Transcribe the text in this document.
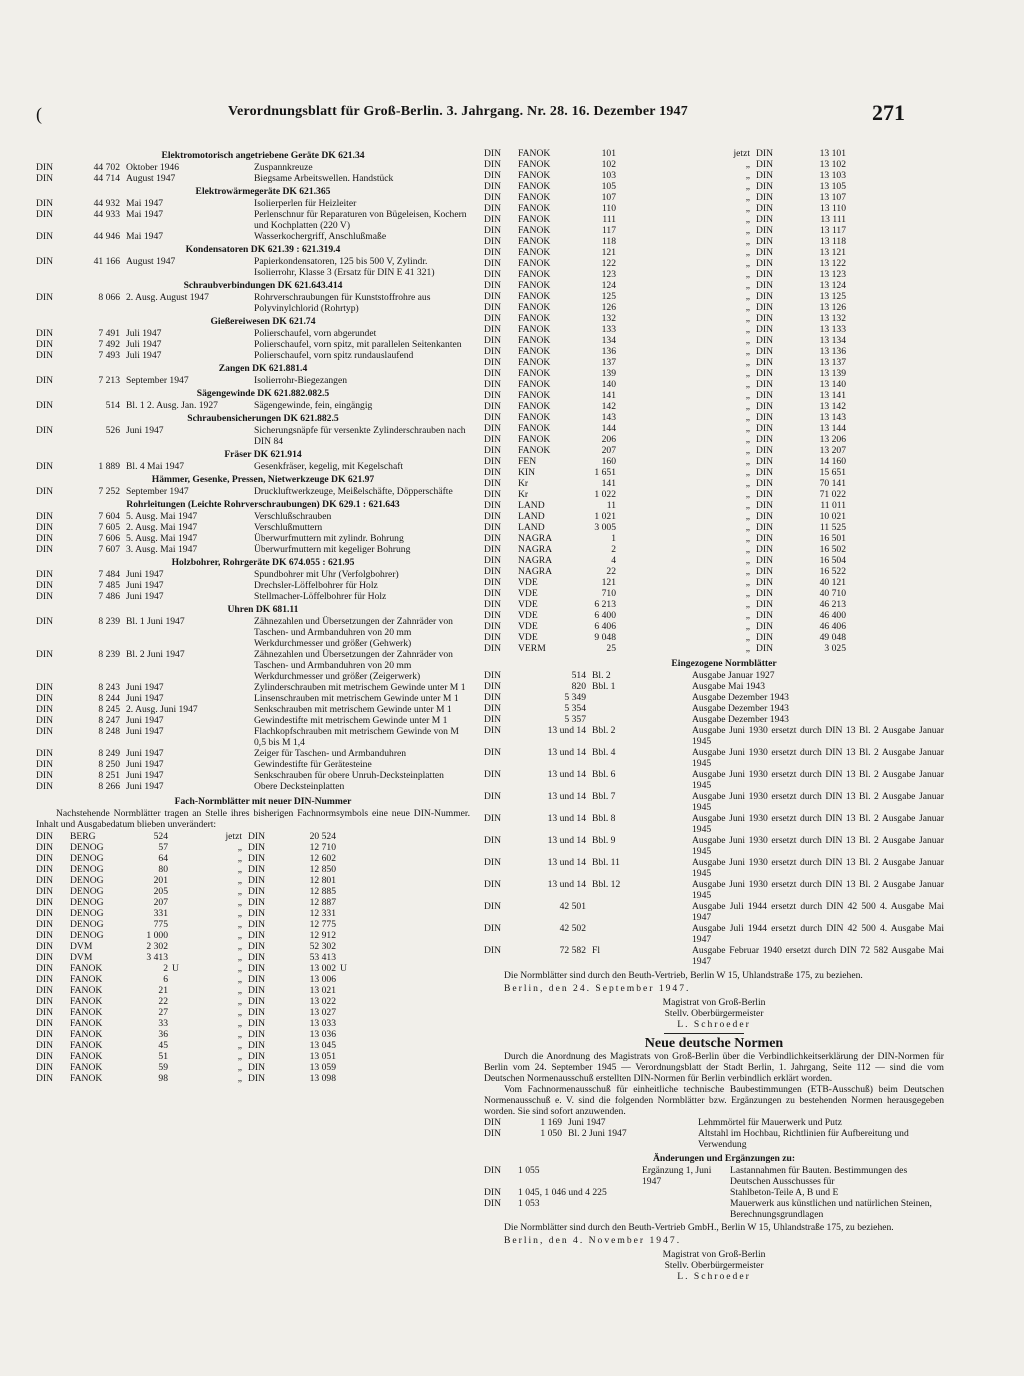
(	Verordnungsblatt für Groß-Berlin. 3. Jahrgang. Nr. 28. 16. Dezember 1947	271
Elektromotorisch angetriebene Geräte DK 621.34
DIN	44 702	Oktober 1946	Zuspannkreuze
DIN	44 714	August 1947	Biegsame Arbeitswellen. Handstück
Elektrowärmegeräte DK 621.365
DIN	44 932	Mai 1947	Isolierperlen für Heizleiter
DIN	44 933	Mai 1947	Perlenschnur für Reparaturen von Bügeleisen, Kochern und Kochplatten (220 V)
DIN	44 946	Mai 1947	Wasserkochergriff, Anschlußmaße
Kondensatoren DK 621.39 : 621.319.4
DIN	41 166	August 1947	Papierkondensatoren, 125 bis 500 V, Zylindr. Isolierrohr, Klasse 3 (Ersatz für DIN E 41 321)
Schraubverbindungen DK 621.643.414
DIN	8 066	2. Ausg. August 1947	Rohrverschraubungen für Kunststoffrohre aus Polyvinylchlorid (Rohrtyp)
Gießereiwesen DK 621.74
DIN	7 491	Juli 1947	Polierschaufel, vorn abgerundet
DIN	7 492	Juli 1947	Polierschaufel, vorn spitz, mit parallelen Seitenkanten
DIN	7 493	Juli 1947	Polierschaufel, vorn spitz rundauslaufend
Zangen DK 621.881.4
DIN	7 213	September 1947	Isolierrohr-Biegezangen
Sägengewinde DK 621.882.082.5
DIN	514	Bl. 1 2. Ausg. Jan. 1927	Sägengewinde, fein, eingängig
Schraubensicherungen DK 621.882.5
DIN	526	Juni 1947	Sicherungsnäpfe für versenkte Zylinderschrauben nach DIN 84
Fräser DK 621.914
DIN	1 889	Bl. 4 Mai 1947	Gesenkfräser, kegelig, mit Kegelschaft
Hämmer, Gesenke, Pressen, Nietwerkzeuge DK 621.97
DIN	7 252	September 1947	Druckluftwerkzeuge, Meißelschäfte, Döpperschäfte
Rohrleitungen (Leichte Rohrverschraubungen) DK 629.1 : 621.643
DIN	7 604	5. Ausg. Mai 1947	Verschlußschrauben
DIN	7 605	2. Ausg. Mai 1947	Verschlußmuttern
DIN	7 606	5. Ausg. Mai 1947	Überwurfmuttern mit zylindr. Bohrung
DIN	7 607	3. Ausg. Mai 1947	Überwurfmuttern mit kegeliger Bohrung
Holzbohrer, Rohrgeräte DK 674.055 : 621.95
DIN	7 484	Juni 1947	Spundbohrer mit Uhr (Verfolgbohrer)
DIN	7 485	Juni 1947	Drechsler-Löffelbohrer für Holz
DIN	7 486	Juni 1947	Stellmacher-Löffelbohrer für Holz
Uhren DK 681.11
DIN	8 239	Bl. 1 Juni 1947	Zähnezahlen und Übersetzungen der Zahnräder von Taschen- und Armbanduhren von 20 mm Werkdurchmesser und größer (Gehwerk)
DIN	8 239	Bl. 2 Juni 1947	Zähnezahlen und Übersetzungen der Zahnräder von Taschen- und Armbanduhren von 20 mm Werkdurchmesser und größer (Zeigerwerk)
DIN	8 243	Juni 1947	Zylinderschrauben mit metrischem Gewinde unter M 1
DIN	8 244	Juni 1947	Linsenschrauben mit metrischem Gewinde unter M 1
DIN	8 245	2. Ausg. Juni 1947	Senkschrauben mit metrischem Gewinde unter M 1
DIN	8 247	Juni 1947	Gewindestifte mit metrischem Gewinde unter M 1
DIN	8 248	Juni 1947	Flachkopfschrauben mit metrischem Gewinde von M 0,5 bis M 1,4
DIN	8 249	Juni 1947	Zeiger für Taschen- und Armbanduhren
DIN	8 250	Juni 1947	Gewindestifte für Gerätesteine
DIN	8 251	Juni 1947	Senkschrauben für obere Unruh-Decksteinplatten
DIN	8 266	Juni 1947	Obere Decksteinplatten
Fach-Normblätter mit neuer DIN-Nummer
Nachstehende Normblätter tragen an Stelle ihres bisherigen Fachnormsymbols eine neue DIN-Nummer. Inhalt und Ausgabedatum blieben unverändert:
DIN	BERG	524		jetzt	DIN	20 524	
DIN	DENOG	57		„	DIN	12 710	
DIN	DENOG	64		„	DIN	12 602	
DIN	DENOG	80		„	DIN	12 850	
DIN	DENOG	201		„	DIN	12 801	
DIN	DENOG	205		„	DIN	12 885	
DIN	DENOG	207		„	DIN	12 887	
DIN	DENOG	331		„	DIN	12 331	
DIN	DENOG	775		„	DIN	12 775	
DIN	DENOG	1 000		„	DIN	12 912	
DIN	DVM	2 302		„	DIN	52 302	
DIN	DVM	3 413		„	DIN	53 413	
DIN	FANOK	2	U	„	DIN	13 002	U
DIN	FANOK	6		„	DIN	13 006	
DIN	FANOK	21		„	DIN	13 021	
DIN	FANOK	22		„	DIN	13 022	
DIN	FANOK	27		„	DIN	13 027	
DIN	FANOK	33		„	DIN	13 033	
DIN	FANOK	36		„	DIN	13 036	
DIN	FANOK	45		„	DIN	13 045	
DIN	FANOK	51		„	DIN	13 051	
DIN	FANOK	59		„	DIN	13 059	
DIN	FANOK	98		„	DIN	13 098	
DIN	FANOK	101	jetzt	DIN	13 101
DIN	FANOK	102	„	DIN	13 102
DIN	FANOK	103	„	DIN	13 103
DIN	FANOK	105	„	DIN	13 105
DIN	FANOK	107	„	DIN	13 107
DIN	FANOK	110	„	DIN	13 110
DIN	FANOK	111	„	DIN	13 111
DIN	FANOK	117	„	DIN	13 117
DIN	FANOK	118	„	DIN	13 118
DIN	FANOK	121	„	DIN	13 121
DIN	FANOK	122	„	DIN	13 122
DIN	FANOK	123	„	DIN	13 123
DIN	FANOK	124	„	DIN	13 124
DIN	FANOK	125	„	DIN	13 125
DIN	FANOK	126	„	DIN	13 126
DIN	FANOK	132	„	DIN	13 132
DIN	FANOK	133	„	DIN	13 133
DIN	FANOK	134	„	DIN	13 134
DIN	FANOK	136	„	DIN	13 136
DIN	FANOK	137	„	DIN	13 137
DIN	FANOK	139	„	DIN	13 139
DIN	FANOK	140	„	DIN	13 140
DIN	FANOK	141	„	DIN	13 141
DIN	FANOK	142	„	DIN	13 142
DIN	FANOK	143	„	DIN	13 143
DIN	FANOK	144	„	DIN	13 144
DIN	FANOK	206	„	DIN	13 206
DIN	FANOK	207	„	DIN	13 207
DIN	FEN	160	„	DIN	14 160
DIN	KIN	1 651	„	DIN	15 651
DIN	Kr	141	„	DIN	70 141
DIN	Kr	1 022	„	DIN	71 022
DIN	LAND	11	„	DIN	11 011
DIN	LAND	1 021	„	DIN	10 021
DIN	LAND	3 005	„	DIN	11 525
DIN	NAGRA	1	„	DIN	16 501
DIN	NAGRA	2	„	DIN	16 502
DIN	NAGRA	4	„	DIN	16 504
DIN	NAGRA	22	„	DIN	16 522
DIN	VDE	121	„	DIN	40 121
DIN	VDE	710	„	DIN	40 710
DIN	VDE	6 213	„	DIN	46 213
DIN	VDE	6 400	„	DIN	46 400
DIN	VDE	6 406	„	DIN	46 406
DIN	VDE	9 048	„	DIN	49 048
DIN	VERM	25	„	DIN	3 025
Eingezogene Normblätter
DIN	514	Bl. 2	Ausgabe Januar 1927
DIN	820	Bbl. 1	Ausgabe Mai 1943
DIN	5 349		Ausgabe Dezember 1943
DIN	5 354		Ausgabe Dezember 1943
DIN	5 357		Ausgabe Dezember 1943
DIN	13 und 14	Bbl. 2	Ausgabe Juni 1930 ersetzt durch DIN 13 Bl. 2 Ausgabe Januar 1945
DIN	13 und 14	Bbl. 4	Ausgabe Juni 1930 ersetzt durch DIN 13 Bl. 2 Ausgabe Januar 1945
DIN	13 und 14	Bbl. 6	Ausgabe Juni 1930 ersetzt durch DIN 13 Bl. 2 Ausgabe Januar 1945
DIN	13 und 14	Bbl. 7	Ausgabe Juni 1930 ersetzt durch DIN 13 Bl. 2 Ausgabe Januar 1945
DIN	13 und 14	Bbl. 8	Ausgabe Juni 1930 ersetzt durch DIN 13 Bl. 2 Ausgabe Januar 1945
DIN	13 und 14	Bbl. 9	Ausgabe Juni 1930 ersetzt durch DIN 13 Bl. 2 Ausgabe Januar 1945
DIN	13 und 14	Bbl. 11	Ausgabe Juni 1930 ersetzt durch DIN 13 Bl. 2 Ausgabe Januar 1945
DIN	13 und 14	Bbl. 12	Ausgabe Juni 1930 ersetzt durch DIN 13 Bl. 2 Ausgabe Januar 1945
DIN	42 501		Ausgabe Juli 1944 ersetzt durch DIN 42 500 4. Ausgabe Mai 1947
DIN	42 502		Ausgabe Juli 1944 ersetzt durch DIN 42 500 4. Ausgabe Mai 1947
DIN	72 582	Fl	Ausgabe Februar 1940 ersetzt durch DIN 72 582 Ausgabe Mai 1947
Die Normblätter sind durch den Beuth-Vertrieb, Berlin W 15, Uhlandstraße 175, zu beziehen.
Berlin, den 24. September 1947.
Magistrat von Groß-Berlin
Stellv. Oberbürgermeister
L. Schroeder
Neue deutsche Normen
Durch die Anordnung des Magistrats von Groß-Berlin über die Verbindlichkeitserklärung der DIN-Normen für Berlin vom 24. September 1945 — Verordnungsblatt der Stadt Berlin, 1. Jahrgang, Seite 112 — sind die vom Deutschen Normenausschuß erstellten DIN-Normen für Berlin verbindlich erklärt worden.
Vom Fachnormenausschuß für einheitliche technische Baubestimmungen (ETB-Ausschuß) beim Deutschen Normenausschuß e. V. sind die folgenden Normblätter bzw. Ergänzungen zu bestehenden Normen herausgegeben worden. Sie sind sofort anzuwenden.
DIN	1 169	Juni 1947	Lehmmörtel für Mauerwerk und Putz
DIN	1 050	Bl. 2 Juni 1947	Altstahl im Hochbau, Richtlinien für Aufbereitung und Verwendung
Änderungen und Ergänzungen zu:
DIN	1 055	Ergänzung 1, Juni 1947	Lastannahmen für Bauten. Bestimmungen des Deutschen Ausschusses für
DIN	1 045, 1 046 und 4 225		Stahlbeton-Teile A, B und E
DIN	1 053		Mauerwerk aus künstlichen und natürlichen Steinen, Berechnungsgrundlagen
Die Normblätter sind durch den Beuth-Vertrieb GmbH., Berlin W 15, Uhlandstraße 175, zu beziehen.
Berlin, den 4. November 1947.
Magistrat von Groß-Berlin
Stellv. Oberbürgermeister
L. Schroeder
